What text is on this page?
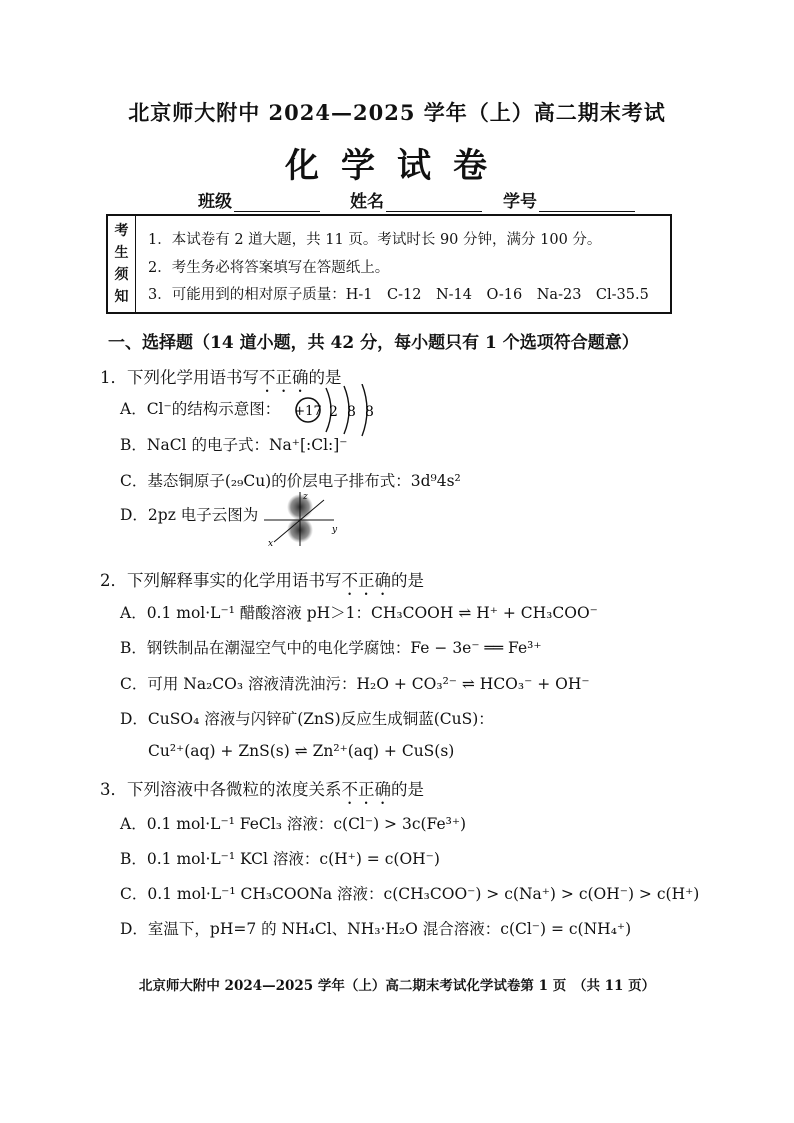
北京师大附中 2024—2025 学年（上）高二期末考试
化学试卷
班级	姓名	学号
考
生
须
知
1．本试卷有 2 道大题，共 11 页。考试时长 90 分钟，满分 100 分。
2．考生务必将答案填写在答题纸上。
3．可能用到的相对原子质量：H-1　C-12　N-14　O-16　Na-23　Cl-35.5
一、选择题（14 道小题，共 42 分，每小题只有 1 个选项符合题意）
1．下列化学用语书写不正确的是
A．Cl⁻的结构示意图： +17 2 8 8
B．NaCl 的电子式：Na⁺[:Cl:]⁻
C．基态铜原子(₂₉Cu)的价层电子排布式：3d⁹4s²
D．2pz 电子云图为
z
y
x
2．下列解释事实的化学用语书写不正确的是
A．0.1 mol·L⁻¹ 醋酸溶液 pH＞1：CH₃COOH ⇌ H⁺ + CH₃COO⁻
B．钢铁制品在潮湿空气中的电化学腐蚀：Fe − 3e⁻ ══ Fe³⁺
C．可用 Na₂CO₃ 溶液清洗油污：H₂O + CO₃²⁻ ⇌ HCO₃⁻ + OH⁻
D．CuSO₄ 溶液与闪锌矿(ZnS)反应生成铜蓝(CuS)：
Cu²⁺(aq) + ZnS(s) ⇌ Zn²⁺(aq) + CuS(s)
3．下列溶液中各微粒的浓度关系不正确的是
A．0.1 mol·L⁻¹ FeCl₃ 溶液：c(Cl⁻) > 3c(Fe³⁺)
B．0.1 mol·L⁻¹ KCl 溶液：c(H⁺) = c(OH⁻)
C．0.1 mol·L⁻¹ CH₃COONa 溶液：c(CH₃COO⁻) > c(Na⁺) > c(OH⁻) > c(H⁺)
D．室温下，pH=7 的 NH₄Cl、NH₃·H₂O 混合溶液：c(Cl⁻) = c(NH₄⁺)
北京师大附中 2024—2025 学年（上）高二期末考试化学试卷第 1 页　（共 11 页）
